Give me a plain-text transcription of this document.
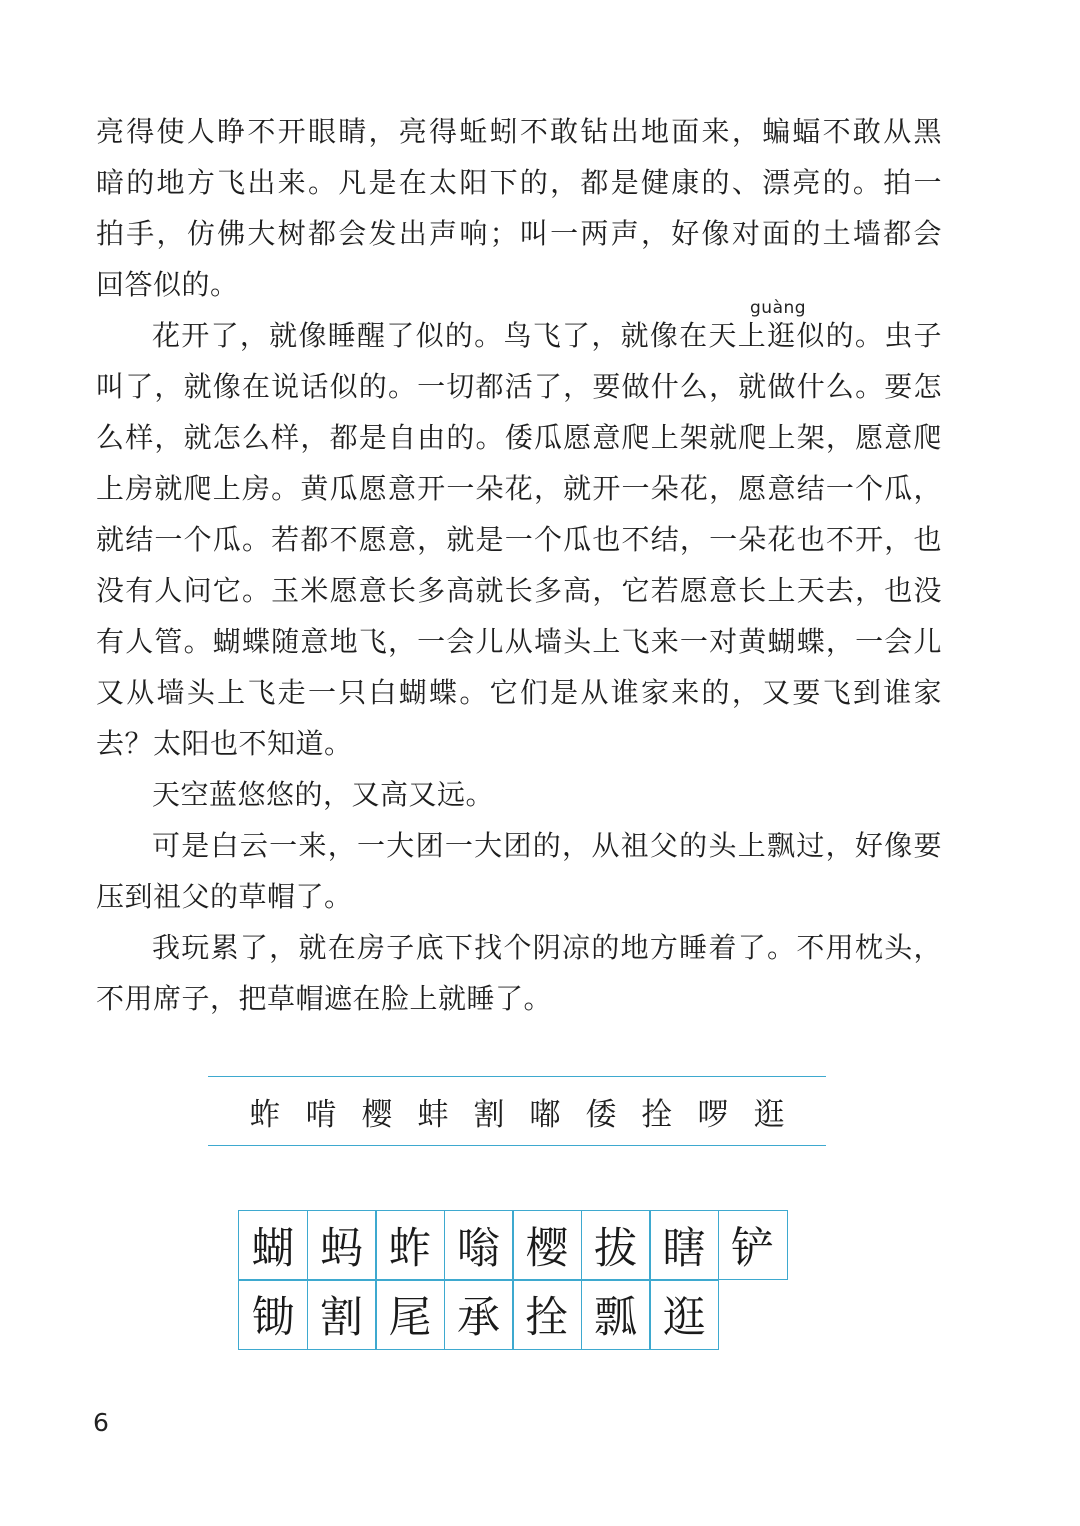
亮得使人睁不开眼睛，亮得蚯蚓不敢钻出地面来，蝙蝠不敢从黑
暗的地方飞出来。凡是在太阳下的，都是健康的、漂亮的。拍一
拍手，仿佛大树都会发出声响；叫一两声，好像对面的土墙都会
回答似的。
花开了，就像睡醒了似的。鸟飞了，就像在天上逛似的。虫子
叫了，就像在说话似的。一切都活了，要做什么，就做什么。要怎
么样，就怎么样，都是自由的。倭瓜愿意爬上架就爬上架，愿意爬
上房就爬上房。黄瓜愿意开一朵花，就开一朵花，愿意结一个瓜，
就结一个瓜。若都不愿意，就是一个瓜也不结，一朵花也不开，也
没有人问它。玉米愿意长多高就长多高，它若愿意长上天去，也没
有人管。蝴蝶随意地飞，一会儿从墙头上飞来一对黄蝴蝶，一会儿
又从墙头上飞走一只白蝴蝶。它们是从谁家来的，又要飞到谁家
去？太阳也不知道。
天空蓝悠悠的，又高又远。
可是白云一来，一大团一大团的，从祖父的头上飘过，好像要
压到祖父的草帽了。
我玩累了，就在房子底下找个阴凉的地方睡着了。不用枕头，
不用席子，把草帽遮在脸上就睡了。
guàng
蚱 啃 樱 蚌 割 嘟 倭 拴 啰 逛
蝴 蚂 蚱 嗡 樱 拔 瞎 铲
锄 割 尾 承 拴 瓢 逛
6
